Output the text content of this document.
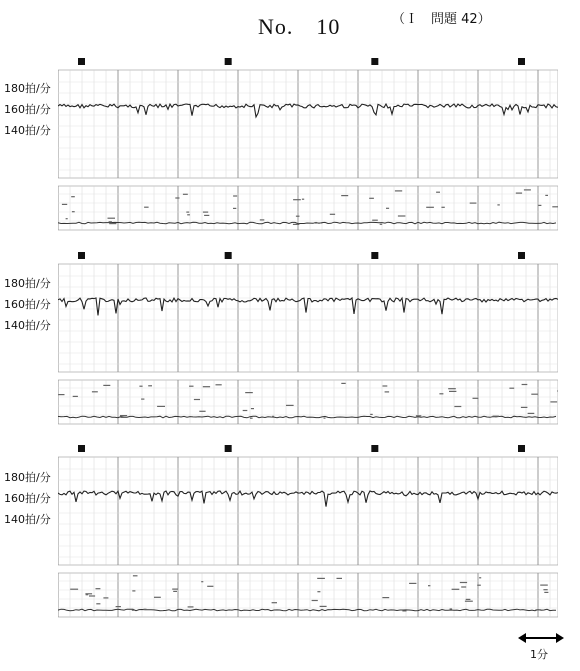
No.　10	（Ｉ　問題 42）
180拍/分
160拍/分
140拍/分
180拍/分
160拍/分
140拍/分
180拍/分
160拍/分
140拍/分
1分
